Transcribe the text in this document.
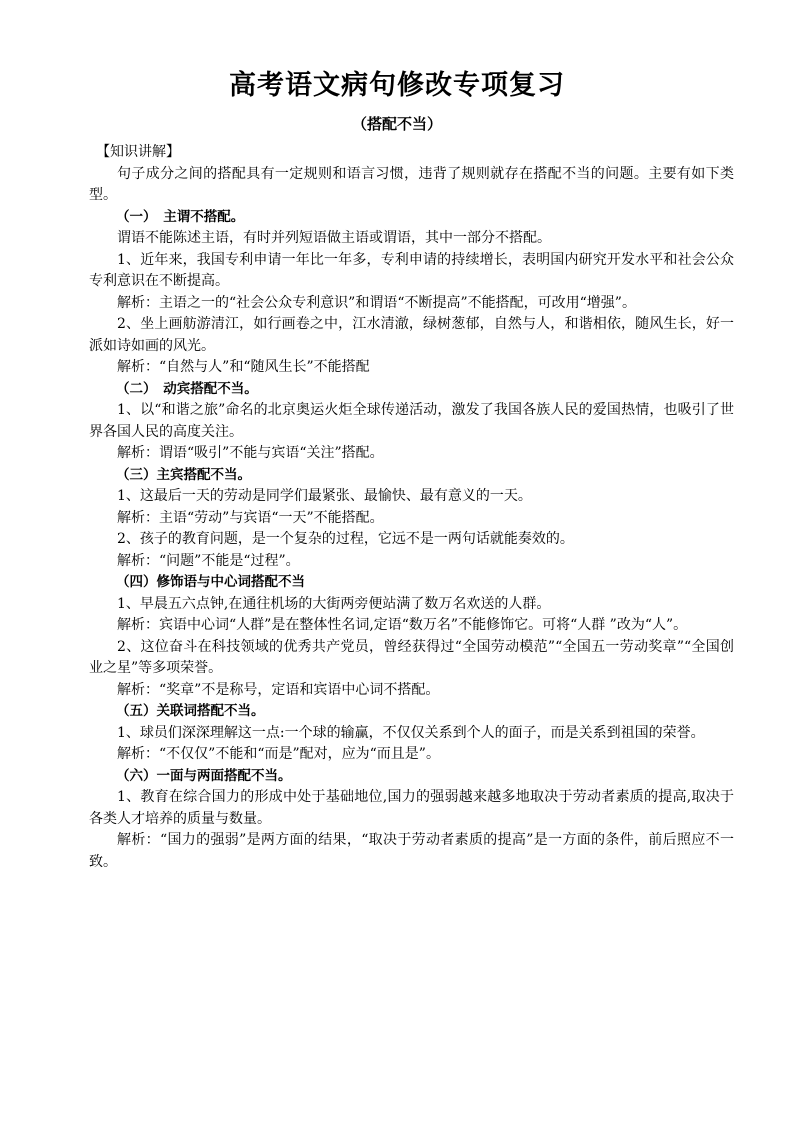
高考语文病句修改专项复习
（搭配不当）

【知识讲解】

句子成分之间的搭配具有一定规则和语言习惯，违背了规则就存在搭配不当的问题。主要有如下类型。

（一）　主谓不搭配。

谓语不能陈述主语，有时并列短语做主语或谓语，其中一部分不搭配。

1、近年来，我国专利申请一年比一年多，专利申请的持续增长，表明国内研究开发水平和社会公众专利意识在不断提高。

解析：主语之一的“社会公众专利意识”和谓语“不断提高”不能搭配，可改用“增强”。

2、坐上画舫游清江，如行画卷之中，江水清澈，绿树葱郁，自然与人，和谐相依，随风生长，好一派如诗如画的风光。

解析：“自然与人”和“随风生长”不能搭配

（二）　动宾搭配不当。

1、以“和谐之旅”命名的北京奥运火炬全球传递活动，激发了我国各族人民的爱国热情，也吸引了世界各国人民的高度关注。

解析：谓语“吸引”不能与宾语“关注”搭配。

（三）主宾搭配不当。

1、这最后一天的劳动是同学们最紧张、最愉快、最有意义的一天。

解析：主语“劳动”与宾语“一天”不能搭配。

2、孩子的教育问题，是一个复杂的过程，它远不是一两句话就能奏效的。

解析：“问题”不能是“过程”。

（四）修饰语与中心词搭配不当

1、早晨五六点钟,在通往机场的大街两旁便站满了数万名欢送的人群。

解析：宾语中心词“人群”是在整体性名词,定语“数万名”不能修饰它。可将“人群 ”改为“人”。

2、这位奋斗在科技领域的优秀共产党员，曾经获得过“全国劳动模范”“全国五一劳动奖章”“全国创业之星”等多项荣誉。

解析：“奖章”不是称号，定语和宾语中心词不搭配。

（五）关联词搭配不当。

1、球员们深深理解这一点:一个球的输赢，不仅仅关系到个人的面子，而是关系到祖国的荣誉。

解析：“不仅仅”不能和“而是”配对，应为“而且是”。

（六）一面与两面搭配不当。

1、教育在综合国力的形成中处于基础地位,国力的强弱越来越多地取决于劳动者素质的提高,取决于各类人才培养的质量与数量。

解析：“国力的强弱”是两方面的结果，“取决于劳动者素质的提高”是一方面的条件，前后照应不一致。
